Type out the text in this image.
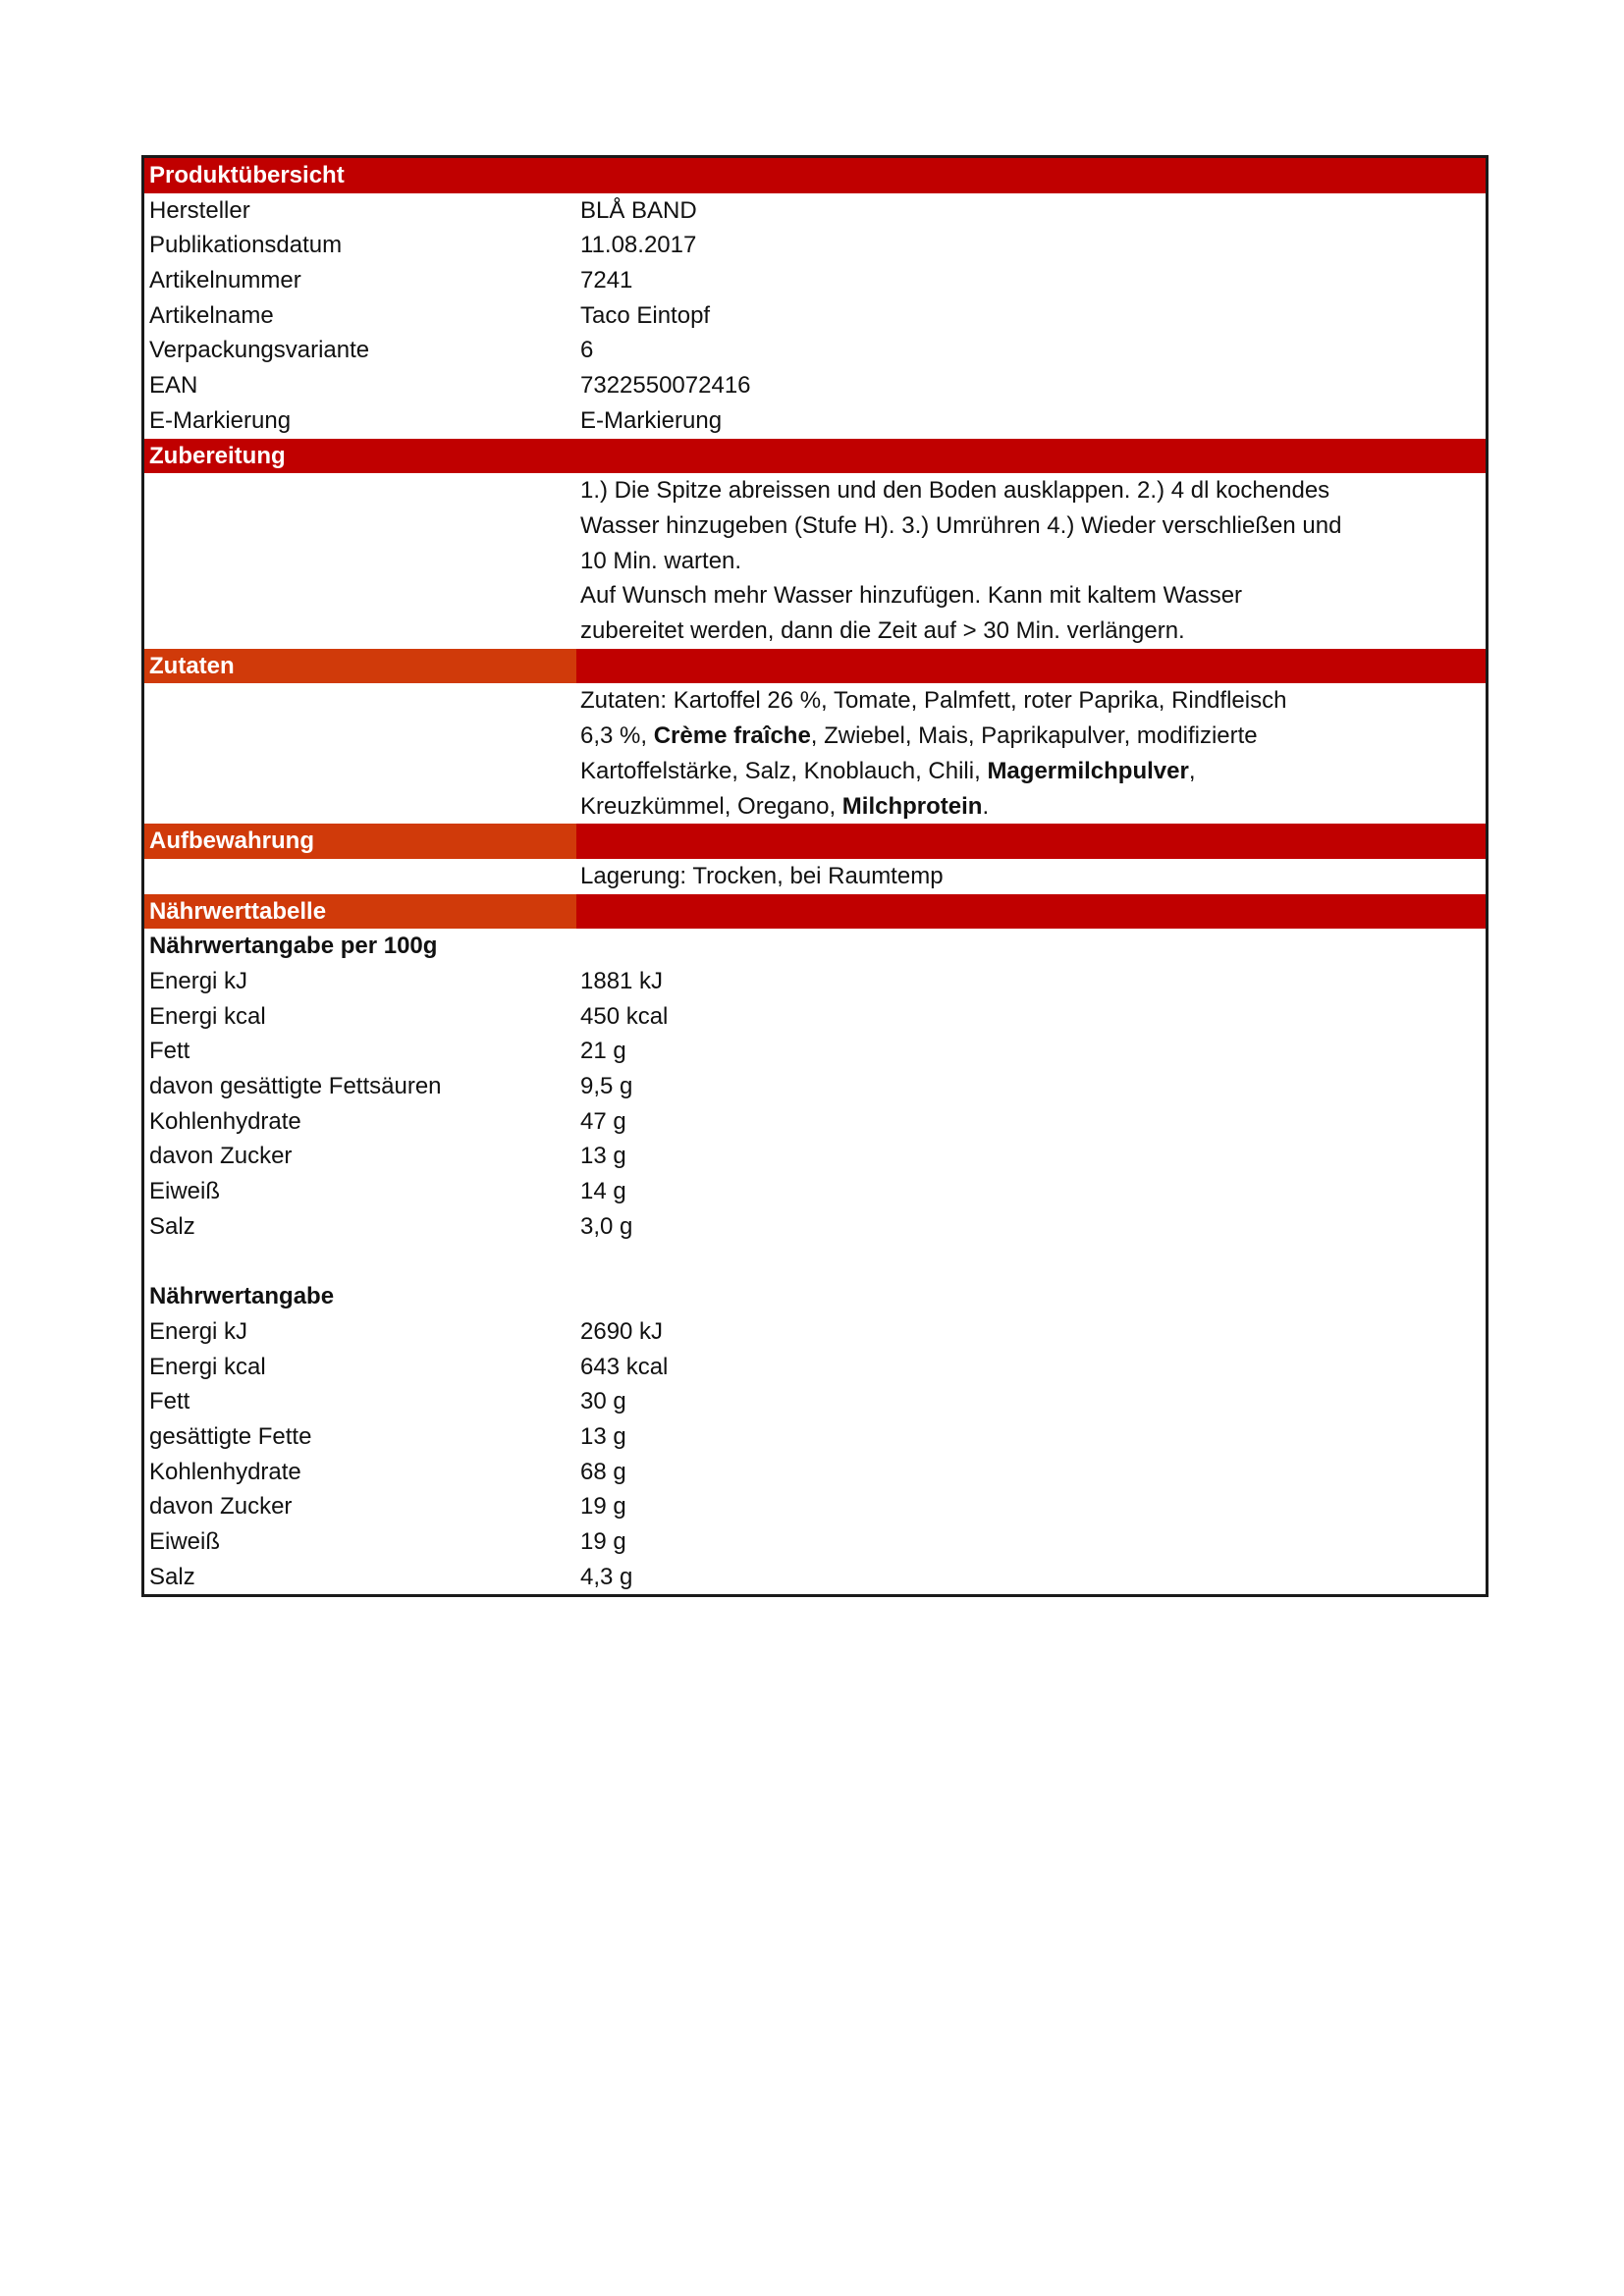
Produktübersicht
Hersteller	BLÅ BAND
Publikationsdatum	11.08.2017
Artikelnummer	7241
Artikelname	Taco Eintopf
Verpackungsvariante	6
EAN	7322550072416
E-Markierung	E-Markierung
Zubereitung

1.) Die Spitze abreissen und den Boden ausklappen. 2.) 4 dl kochendes

Wasser hinzugeben (Stufe H). 3.) Umrühren 4.) Wieder verschließen und

10 Min. warten.

Auf Wunsch mehr Wasser hinzufügen. Kann mit kaltem Wasser

zubereitet werden, dann die Zeit auf > 30 Min. verlängern.

Zutaten

Zutaten: Kartoffel 26 %, Tomate, Palmfett, roter Paprika, Rindfleisch

6,3 %, Crème fraîche, Zwiebel, Mais, Paprikapulver, modifizierte

Kartoffelstärke, Salz, Knoblauch, Chili, Magermilchpulver,

Kreuzkümmel, Oregano, Milchprotein.

Aufbewahrung
Lagerung: Trocken, bei Raumtemp
Nährwerttabelle
Nährwertangabe per 100g
Energi kJ	1881 kJ
Energi kcal	450 kcal
Fett	21 g
davon gesättigte Fettsäuren	9,5 g
Kohlenhydrate	47 g
davon Zucker	13 g
Eiweiß	14 g
Salz	3,0 g
Nährwertangabe
Energi kJ	2690 kJ
Energi kcal	643 kcal
Fett	30 g
gesättigte Fette	13 g
Kohlenhydrate	68 g
davon Zucker	19 g
Eiweiß	19 g
Salz	4,3 g
